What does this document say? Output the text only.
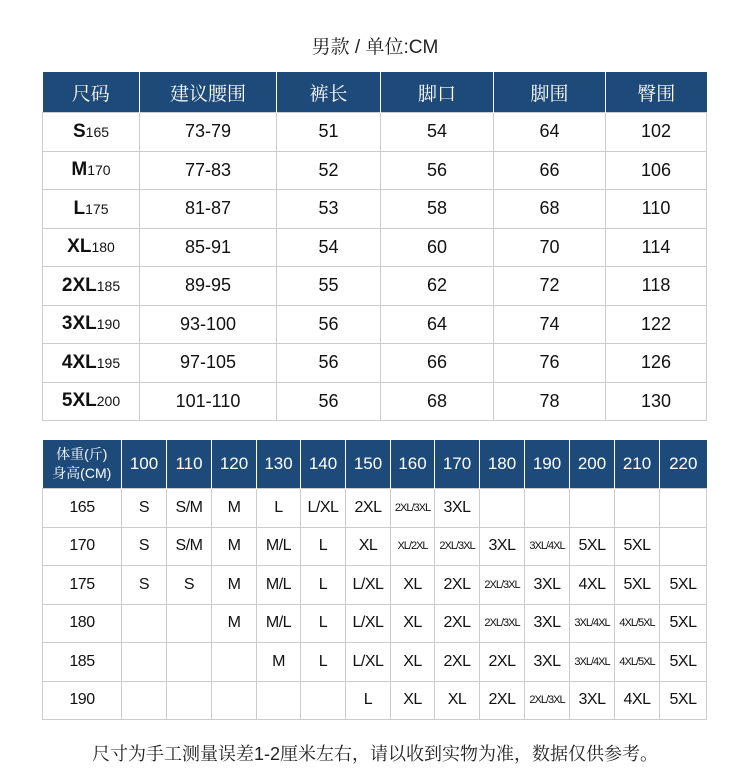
男款 / 单位:CM
尺码	建议腰围	裤长	脚口	脚围	臀围
S165	73-79	51	54	64	102
M170	77-83	52	56	66	106
L175	81-87	53	58	68	110
XL180	85-91	54	60	70	114
2XL185	89-95	55	62	72	118
3XL190	93-100	56	64	74	122
4XL195	97-105	56	66	76	126
5XL200	101-110	56	68	78	130
体重(斤)
身高(CM)	100	110	120	130	140	150	160	170	180	190	200	210	220
165	S	S/M	M	L	L/XL	2XL	2XL/3XL	3XL					
170	S	S/M	M	M/L	L	XL	XL/2XL	2XL/3XL	3XL	3XL/4XL	5XL	5XL	
175	S	S	M	M/L	L	L/XL	XL	2XL	2XL/3XL	3XL	4XL	5XL	5XL
180			M	M/L	L	L/XL	XL	2XL	2XL/3XL	3XL	3XL/4XL	4XL/5XL	5XL
185				M	L	L/XL	XL	2XL	2XL	3XL	3XL/4XL	4XL/5XL	5XL
190						L	XL	XL	2XL	2XL/3XL	3XL	4XL	5XL
尺寸为手工测量误差1-2厘米左右，请以收到实物为准，数据仅供参考。
